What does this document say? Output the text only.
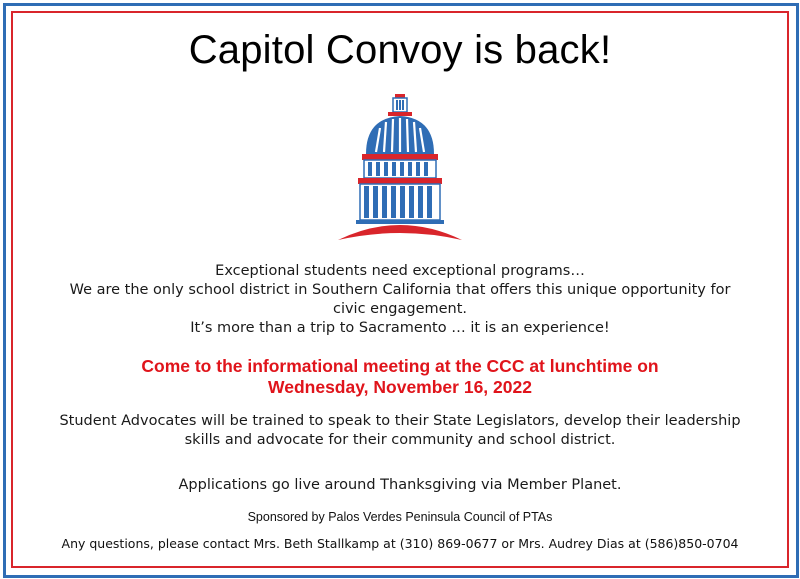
Capitol Convoy is back!
Exceptional students need exceptional programs…
We are the only school district in Southern California that offers this unique opportunity for
civic engagement.
It’s more than a trip to Sacramento … it is an experience!
Come to the informational meeting at the CCC at lunchtime on
Wednesday, November 16, 2022
Student Advocates will be trained to speak to their State Legislators, develop their leadership
skills and advocate for their community and school district.
Applications go live around Thanksgiving via Member Planet.
Sponsored by Palos Verdes Peninsula Council of PTAs
Any questions, please contact Mrs. Beth Stallkamp at (310) 869-0677 or Mrs. Audrey Dias at (586)850-0704
